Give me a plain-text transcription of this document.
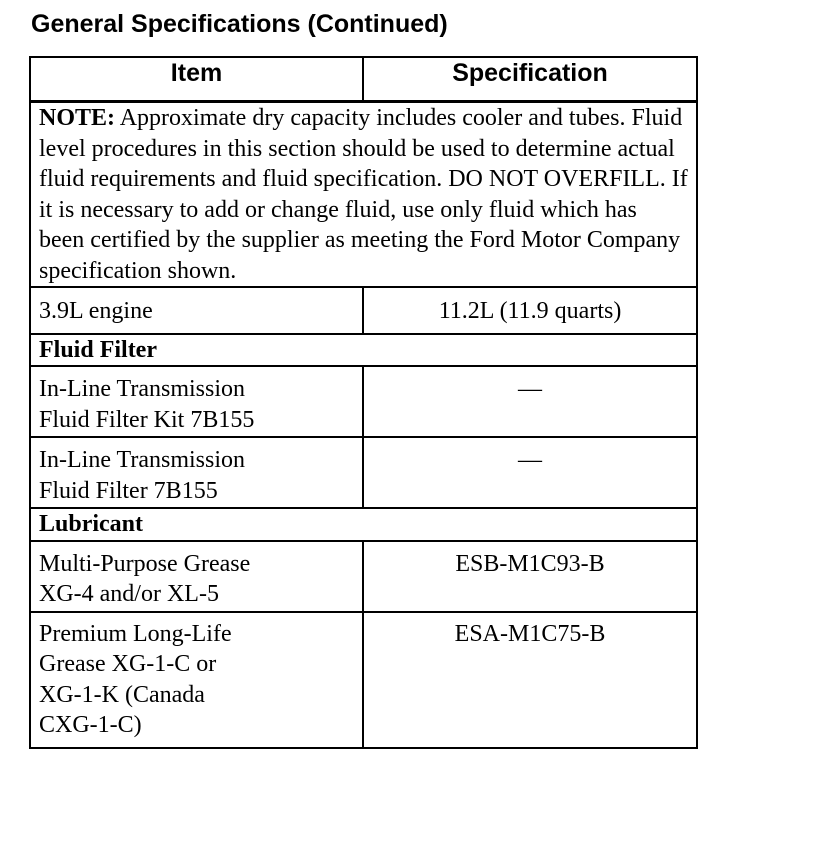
General Specifications (Continued)
Item	Specification
NOTE: Approximate dry capacity includes cooler and tubes. Fluid level procedures in this section should be used to determine actual fluid requirements and fluid specification. DO NOT OVERFILL. If it is necessary to add or change fluid, use only fluid which has been certified by the supplier as meeting the Ford Motor Company specification shown.	
3.9L engine	11.2L (11.9 quarts)
Fluid Filter	

In-Line Transmission
Fluid Filter Kit 7B155	—

In-Line Transmission
Fluid Filter 7B155	—
Lubricant	

Multi-Purpose Grease
XG-4 and/or XL-5	ESB-M1C93-B

Premium Long-Life
Grease XG-1-C or
XG-1-K (Canada
CXG-1-C)	ESA-M1C75-B
